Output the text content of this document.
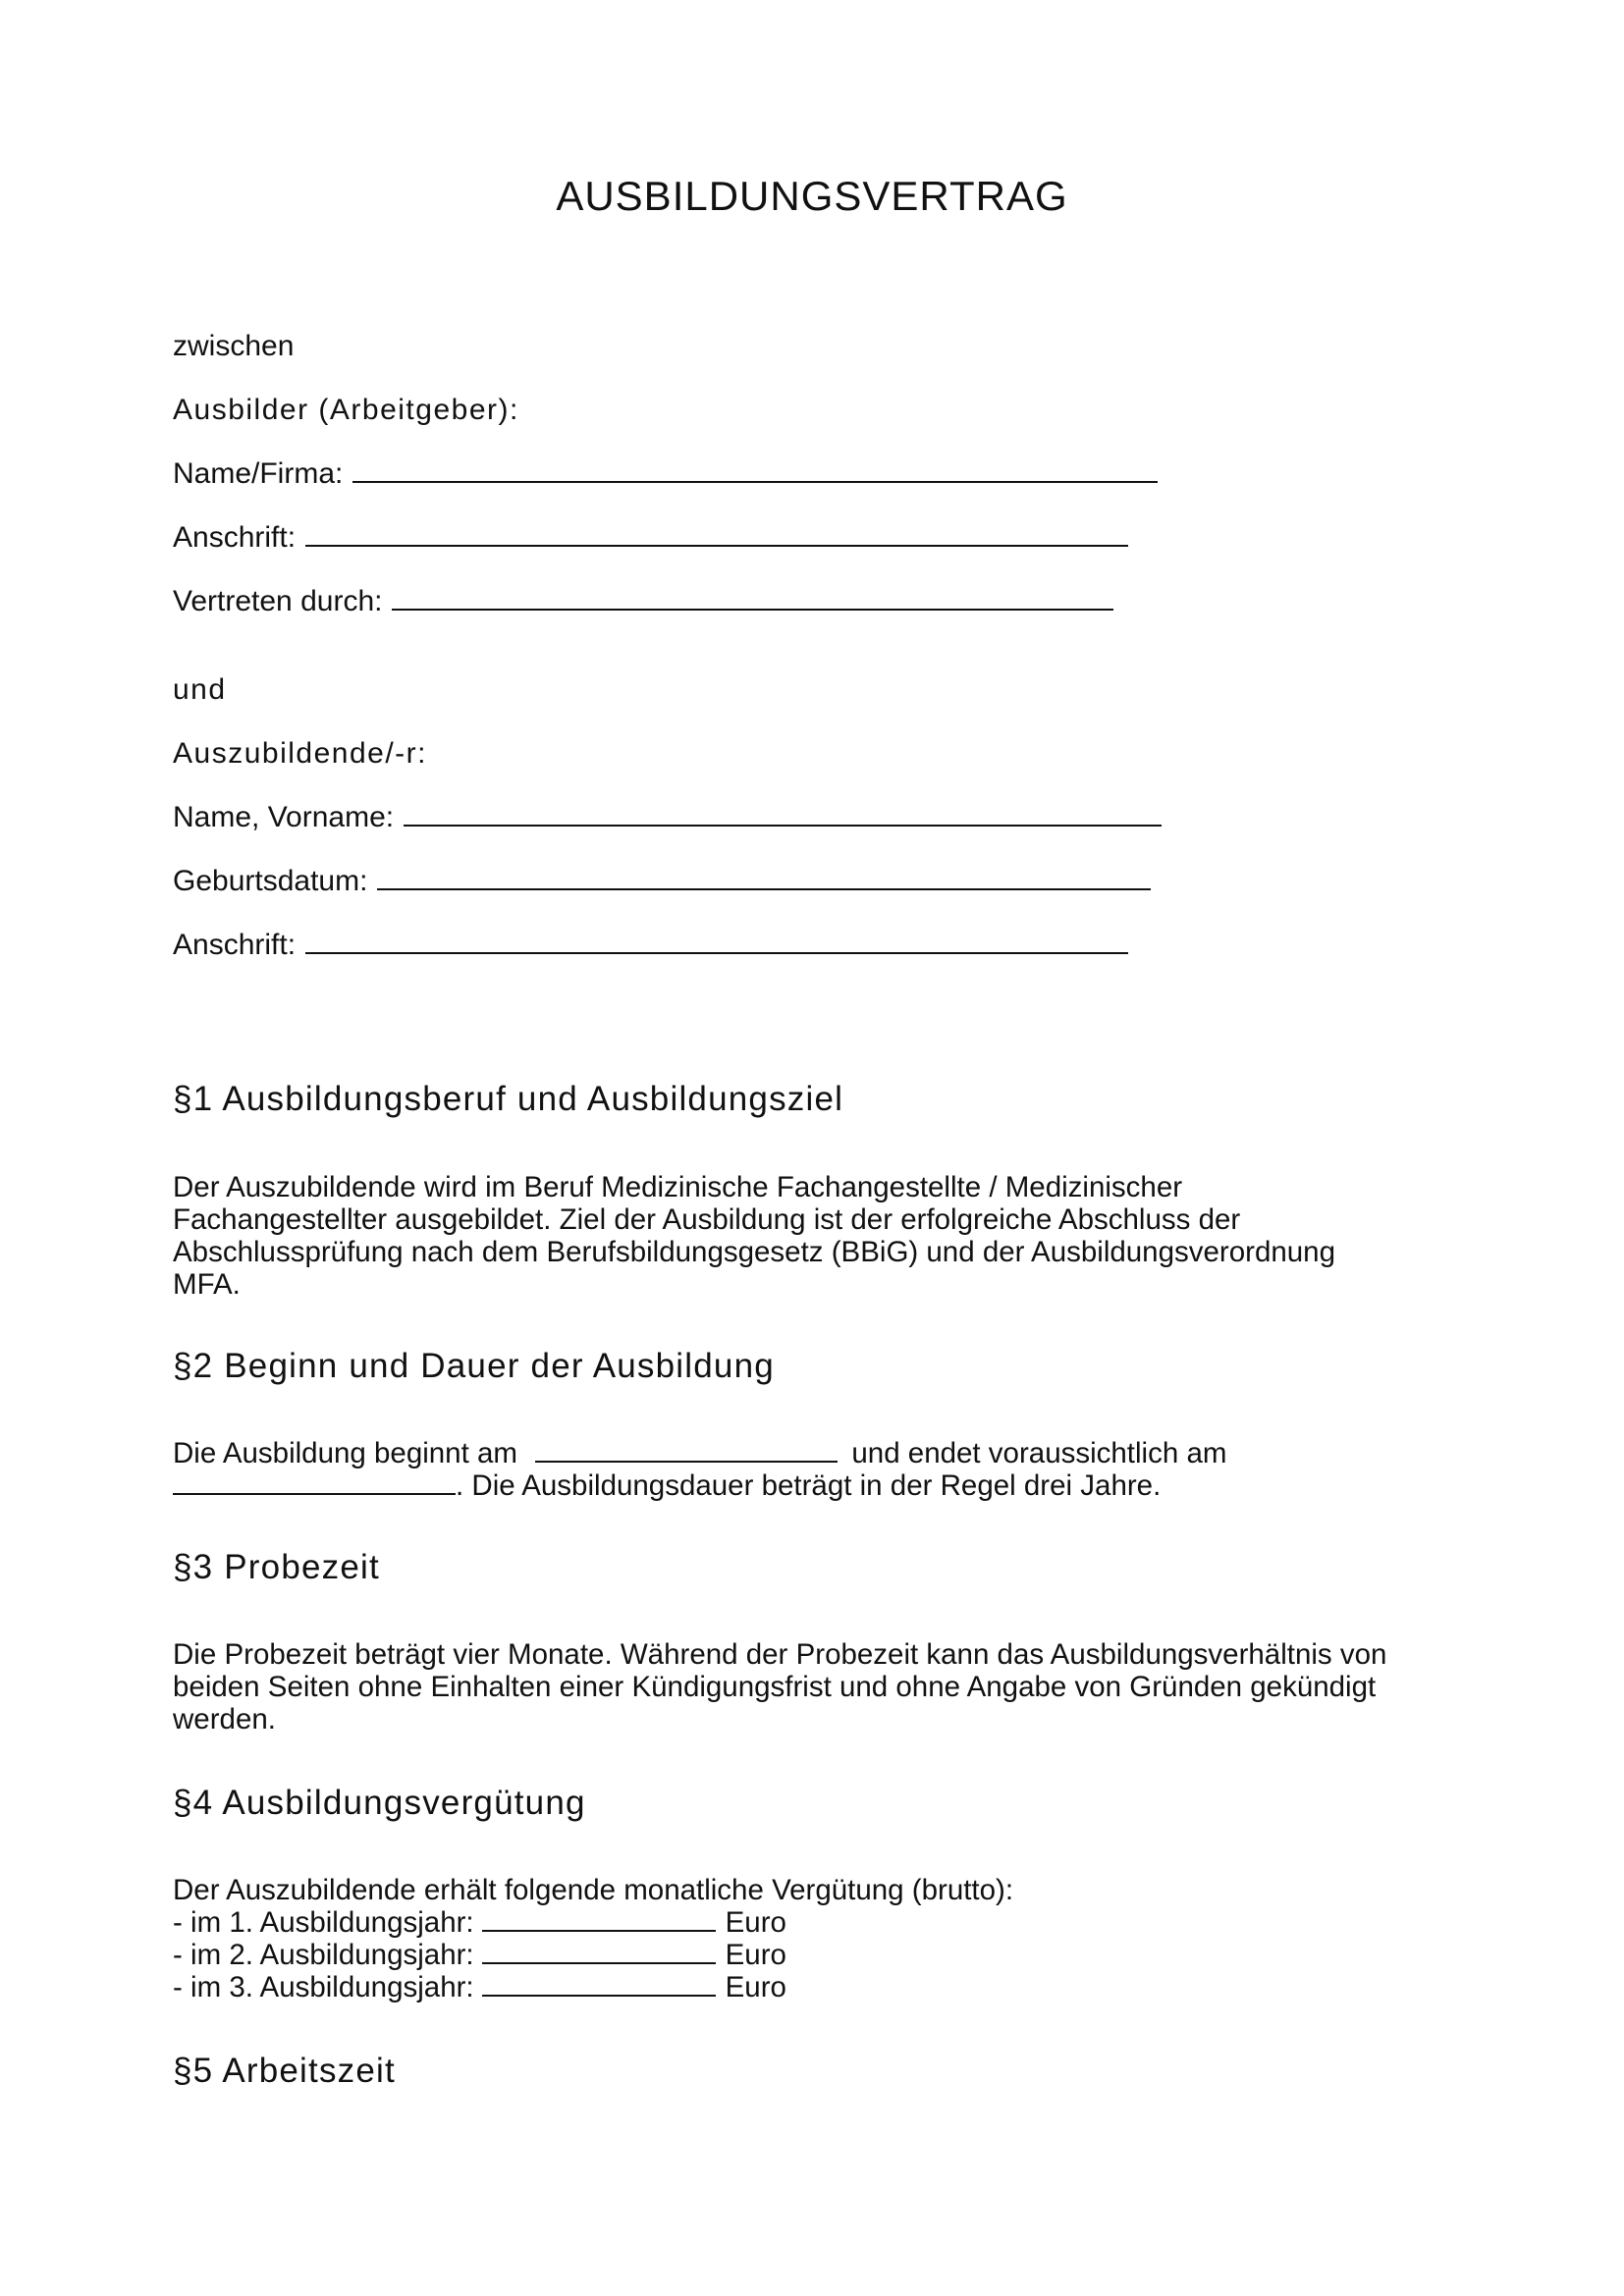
AUSBILDUNGSVERTRAG
zwischen
Ausbilder (Arbeitgeber):
Name/Firma:
Anschrift:
Vertreten durch:
und
Auszubildende/-r:
Name, Vorname:
Geburtsdatum:
Anschrift:
§1 Ausbildungsberuf und Ausbildungsziel
Der Auszubildende wird im Beruf Medizinische Fachangestellte / Medizinischer
Fachangestellter ausgebildet. Ziel der Ausbildung ist der erfolgreiche Abschluss der
Abschlussprüfung nach dem Berufsbildungsgesetz (BBiG) und der Ausbildungsverordnung
MFA.
§2 Beginn und Dauer der Ausbildung
Die Ausbildung beginnt am	und endet voraussichtlich am
. Die Ausbildungsdauer beträgt in der Regel drei Jahre.
§3 Probezeit
Die Probezeit beträgt vier Monate. Während der Probezeit kann das Ausbildungsverhältnis von
beiden Seiten ohne Einhalten einer Kündigungsfrist und ohne Angabe von Gründen gekündigt
werden.
§4 Ausbildungsvergütung
Der Auszubildende erhält folgende monatliche Vergütung (brutto):
- im 1. Ausbildungsjahr:	Euro
- im 2. Ausbildungsjahr:	Euro
- im 3. Ausbildungsjahr:	Euro
§5 Arbeitszeit
